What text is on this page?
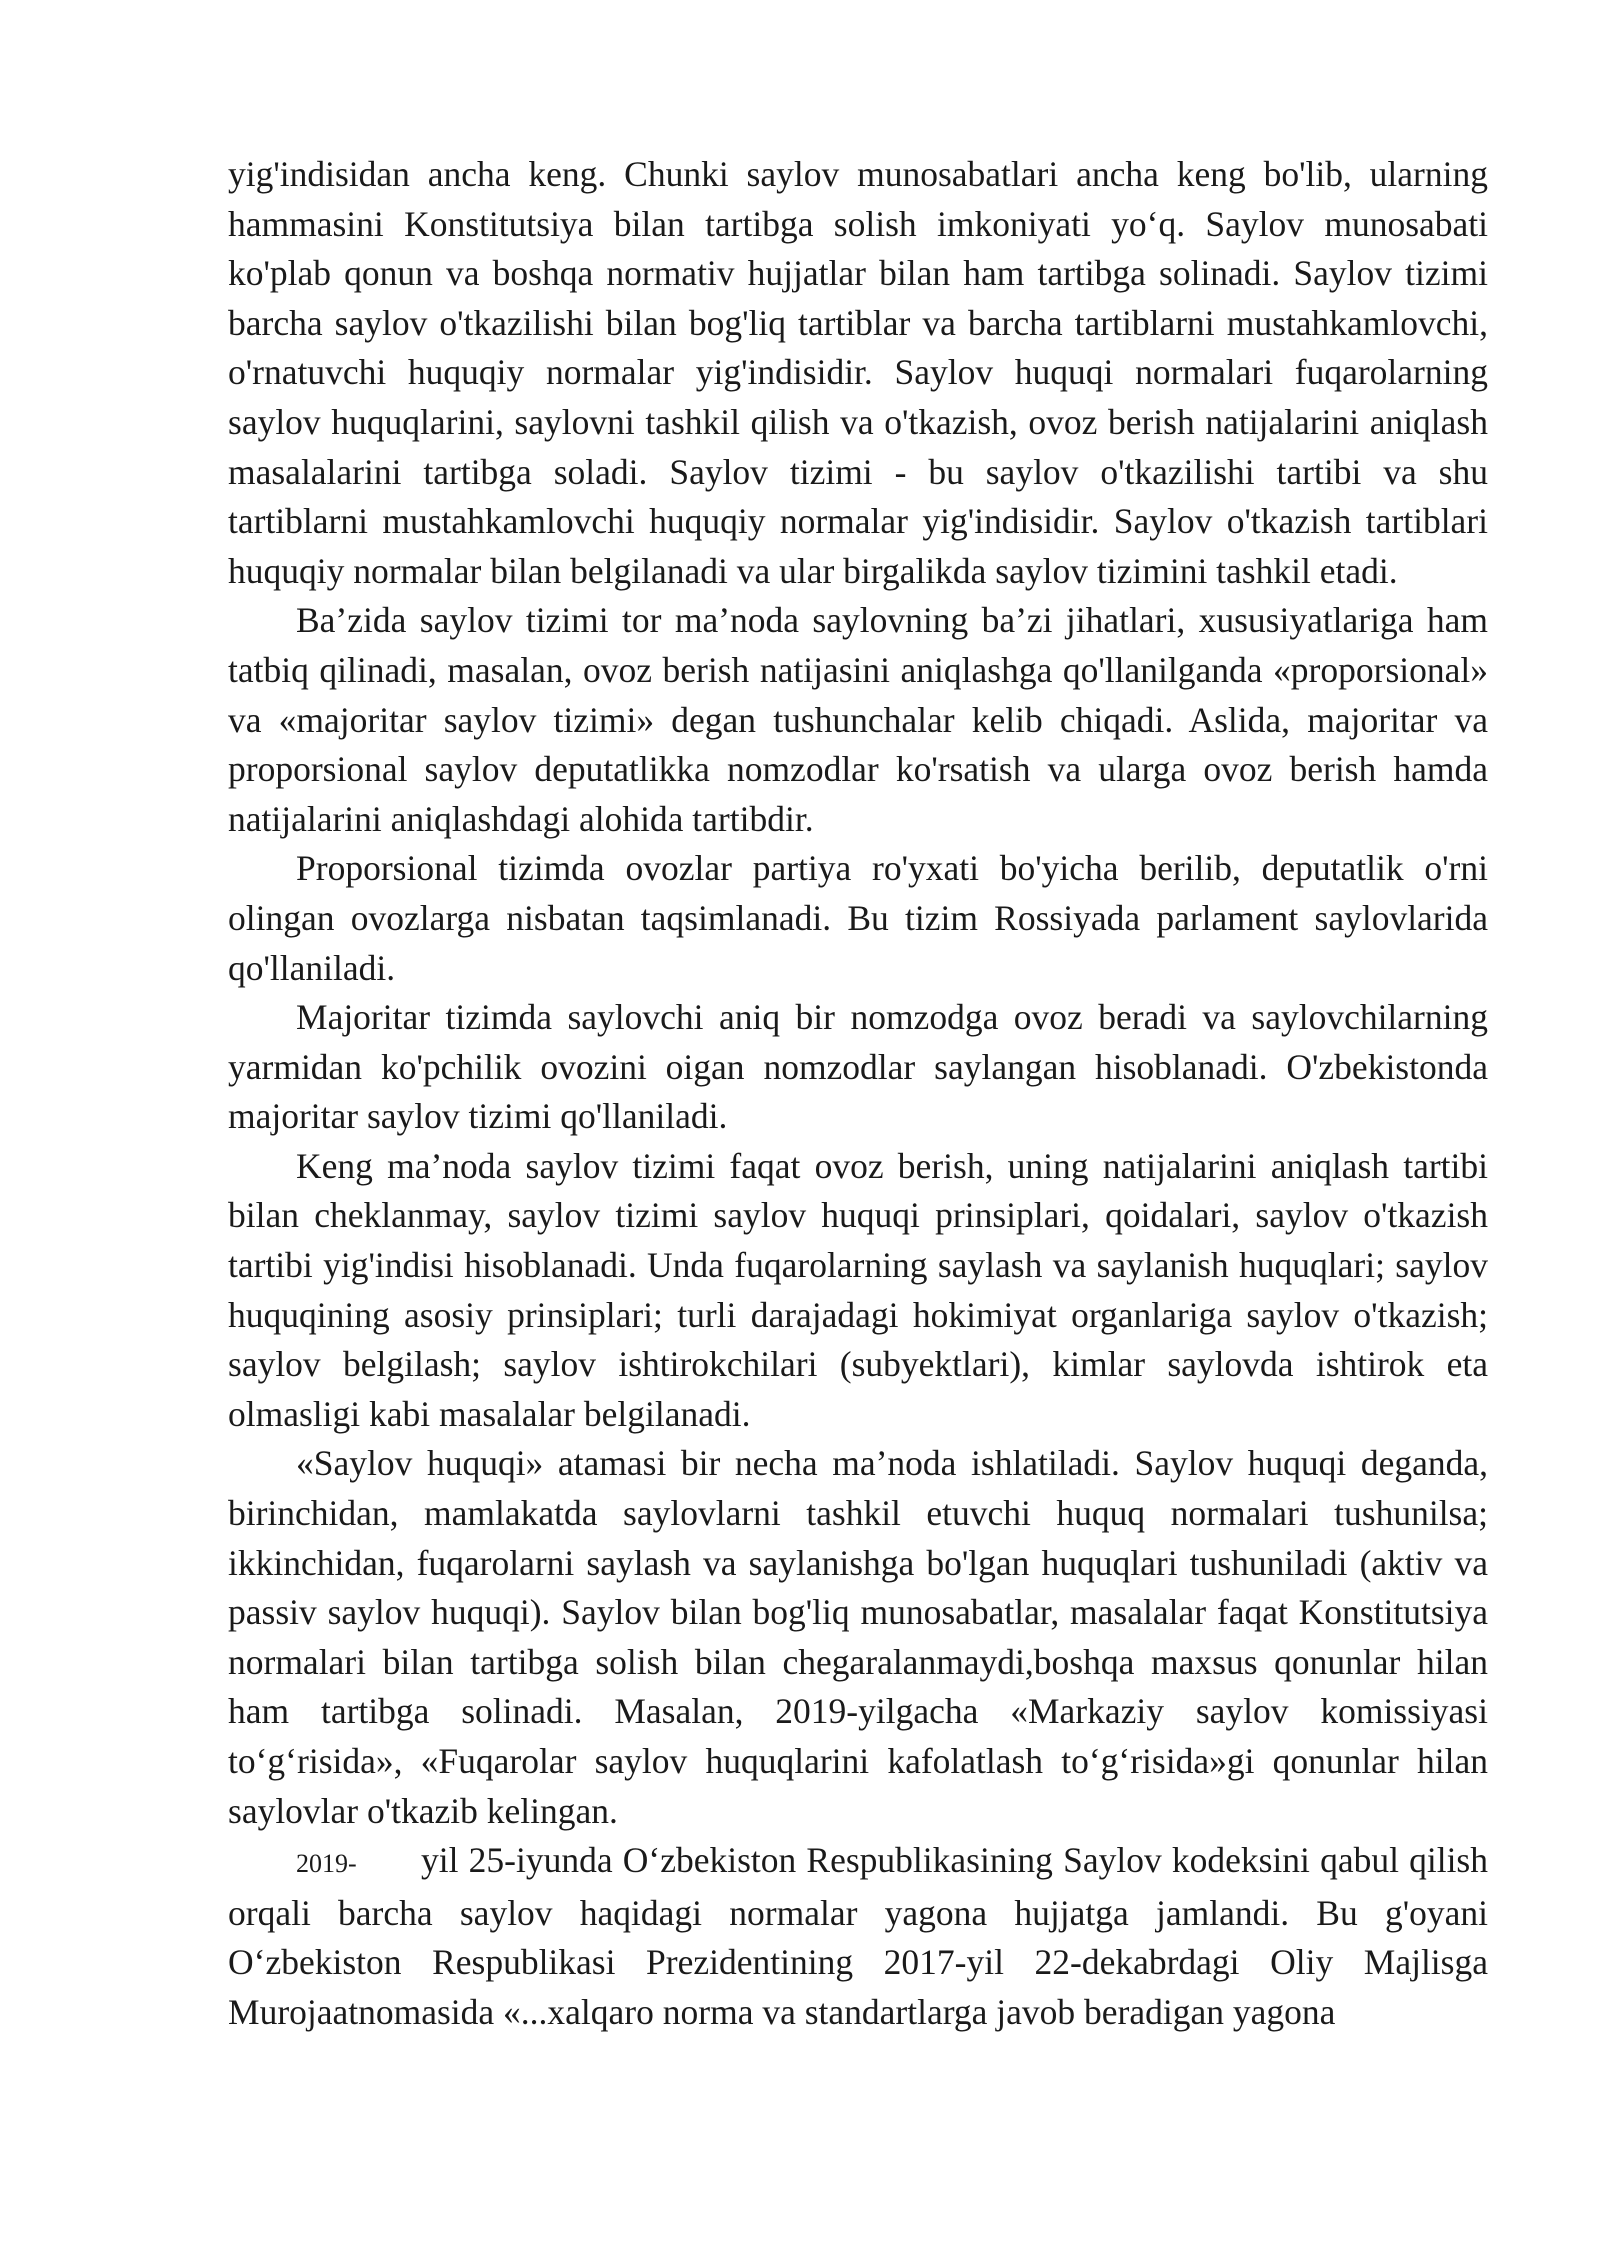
yig'indisidan ancha keng. Chunki saylov munosabatlari ancha keng bo'lib, ularning hammasini Konstitutsiya bilan tartibga solish imkoniyati yo‘q. Saylov munosabati ko'plab qonun va boshqa normativ hujjatlar bilan ham tartibga solinadi. Saylov tizimi barcha saylov o'tkazilishi bilan bog'liq tartiblar va barcha tartiblarni mustahkamlovchi, o'rnatuvchi huquqiy normalar yig'indisidir. Saylov huquqi normalari fuqarolarning saylov huquqlarini, saylovni tashkil qilish va o'tkazish, ovoz berish natijalarini aniqlash masalalarini tartibga soladi. Saylov tizimi - bu saylov o'tkazilishi tartibi va shu tartiblarni mustahkamlovchi huquqiy normalar yig'indisidir. Saylov o'tkazish tartiblari huquqiy normalar bilan belgilanadi va ular birgalikda saylov tizimini tashkil etadi.

Ba’zida saylov tizimi tor ma’noda saylovning ba’zi jihatlari, xususiyatlariga ham tatbiq qilinadi, masalan, ovoz berish natijasini aniqlashga qo'llanilganda «proporsional» va «majoritar saylov tizimi» degan tushunchalar kelib chiqadi. Aslida, majoritar va proporsional saylov deputatlikka nomzodlar ko'rsatish va ularga ovoz berish hamda natijalarini aniqlashdagi alohida tartibdir.

Proporsional tizimda ovozlar partiya ro'yxati bo'yicha berilib, deputatlik o'rni olingan ovozlarga nisbatan taqsimlanadi. Bu tizim Rossiyada parlament saylovlarida qo'llaniladi.

Majoritar tizimda saylovchi aniq bir nomzodga ovoz beradi va saylovchilarning yarmidan ko'pchilik ovozini oigan nomzodlar saylangan hisoblanadi. O'zbekistonda majoritar saylov tizimi qo'llaniladi.

Keng ma’noda saylov tizimi faqat ovoz berish, uning natijalarini aniqlash tartibi bilan cheklanmay, saylov tizimi saylov huquqi prinsiplari, qoidalari, saylov o'tkazish tartibi yig'indisi hisoblanadi. Unda fuqarolarning saylash va saylanish huquqlari; saylov huquqining asosiy prinsiplari; turli darajadagi hokimiyat organlariga saylov o'tkazish; saylov belgilash; saylov ishtirokchilari (subyektlari), kimlar saylovda ishtirok eta olmasligi kabi masalalar belgilanadi.

«Saylov huquqi» atamasi bir necha ma’noda ishlatiladi. Saylov huquqi deganda, birinchidan, mamlakatda saylovlarni tashkil etuvchi huquq normalari tushunilsa; ikkinchidan, fuqarolarni saylash va saylanishga bo'lgan huquqlari tushuniladi (aktiv va passiv saylov huquqi). Saylov bilan bog'liq munosabatlar, masalalar faqat Konstitutsiya normalari bilan tartibga solish bilan chegaralanmaydi,boshqa maxsus qonunlar hilan ham tartibga solinadi. Masalan, 2019-yilgacha «Markaziy saylov komissiyasi to‘g‘risida», «Fuqarolar saylov huquqlarini kafolatlash to‘g‘risida»gi qonunlar hilan saylovlar o'tkazib kelingan.

2019- yil 25-iyunda O‘zbekiston Respublikasining Saylov kodeksini qabul qilish orqali barcha saylov haqidagi normalar yagona hujjatga jamlandi. Bu g'oyani O‘zbekiston Respublikasi Prezidentining 2017-yil 22-dekabrdagi Oliy Majlisga Murojaatnomasida «...xalqaro norma va standartlarga javob beradigan yagona
